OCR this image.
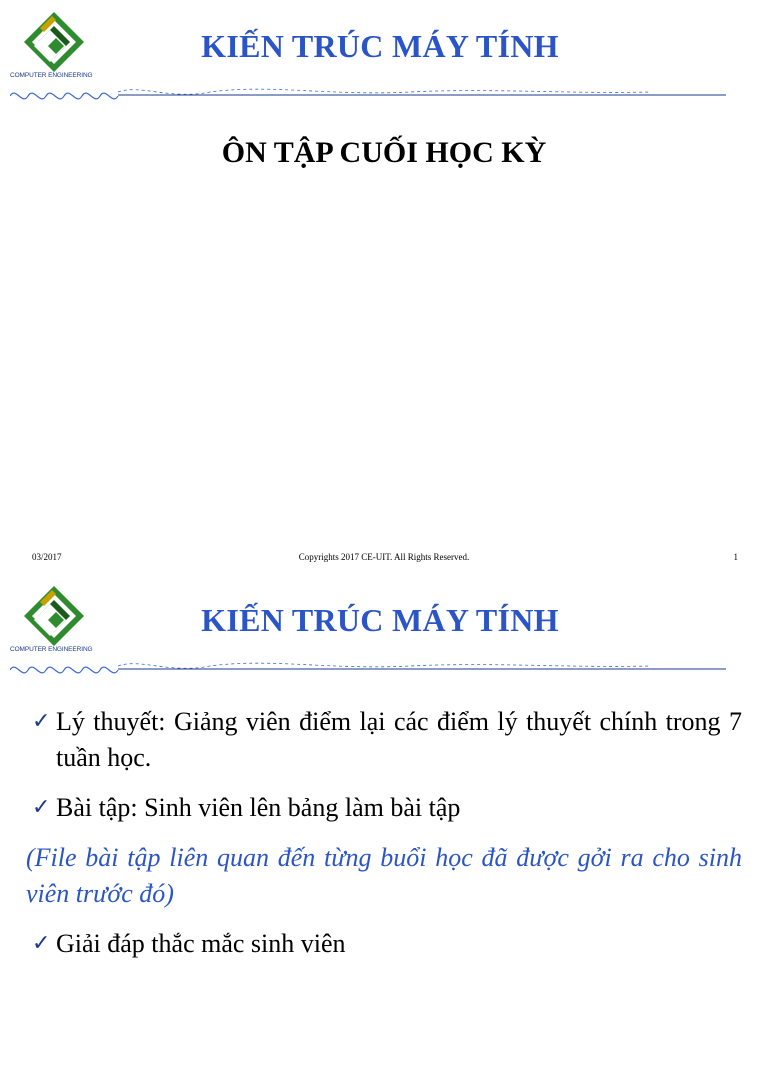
COMPUTER ENGINEERING
KIẾN TRÚC MÁY TÍNH
ÔN TẬP CUỐI HỌC KỲ
03/2017	Copyrights 2017 CE-UIT. All Rights Reserved.	1
COMPUTER ENGINEERING
KIẾN TRÚC MÁY TÍNH
✓ Lý thuyết: Giảng viên điểm lại các điểm lý thuyết chính trong 7 tuần học.
✓ Bài tập: Sinh viên lên bảng làm bài tập
(File bài tập liên quan đến từng buổi học đã được gởi ra cho sinh viên trước đó)
✓ Giải đáp thắc mắc sinh viên
